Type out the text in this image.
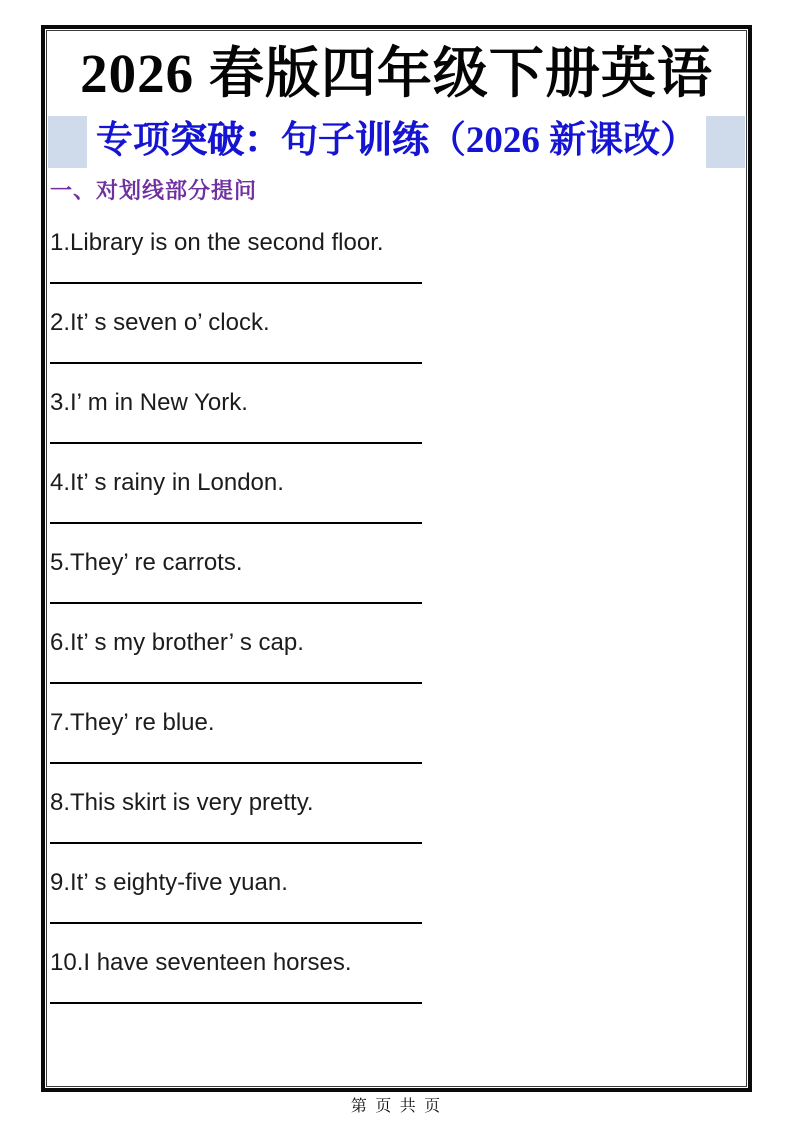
2026 春版四年级下册英语
专项突破：句子训练（2026 新课改）
一、对划线部分提问
1.Library is on the second floor.
2.It’ s seven o’ clock.
3.I’ m in New York.
4.It’ s rainy in London.
5.They’ re carrots.
6.It’ s my brother’ s cap.
7.They’ re blue.
8.This skirt is very pretty.
9.It’ s eighty-five yuan.
10.I have seventeen horses.
第 页 共 页
